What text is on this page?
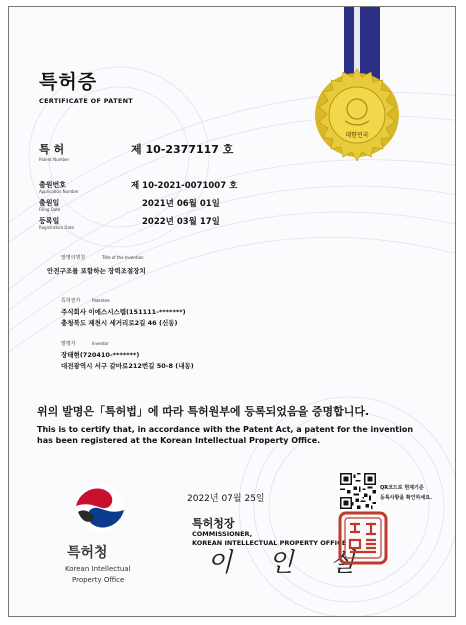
대한민국
특허증
CERTIFICATE OF PATENT
특 허
Patent Number
제 10-2377117 호
출원번호
Application Number
제 10-2021-0071007 호
출원일
Filing Date
2021년 06월 01일
등록일
Registration Date
2022년 03월 17일
발명의명칭	Title of the Invention
안전구조를 포함하는 장력조절장치
특허권자	Patentee
주식회사 이에스시스템(151111-*******)
충청북도 제천시 세거리로2길 46 (신동)
발명자	Inventor
장태현(720410-*******)
대전광역시 서구 갈마로212번길 50-8 (내동)
위의 발명은「특허법」에 따라 특허원부에 등록되었음을 증명합니다.
This is to certify that, in accordance with the Patent Act, a patent for the invention
has been registered at the Korean Intellectual Property Office.
2022년 07월 25일
QR코드로 현재기준
등록사항을 확인하세요.
특허청장
COMMISSIONER,
KOREAN INTELLECTUAL PROPERTY OFFICE
이 인 실
특허청
Korean Intellectual
Property Office
